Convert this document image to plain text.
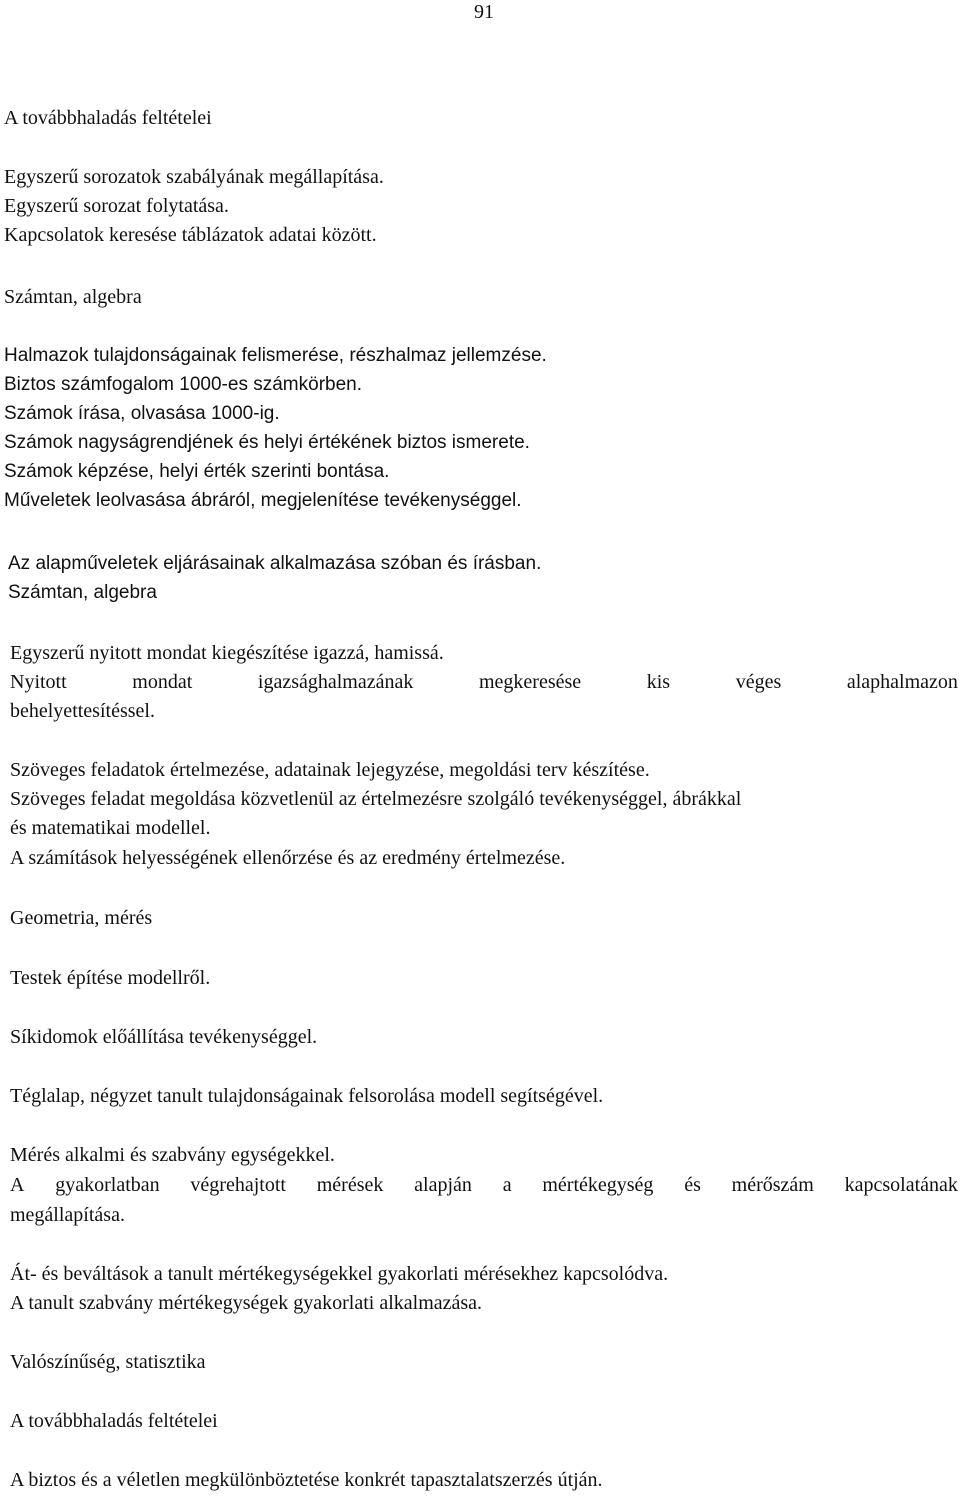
91
A továbbhaladás feltételei
Egyszerű sorozatok szabályának megállapítása.
Egyszerű sorozat folytatása.
Kapcsolatok keresése táblázatok adatai között.
Számtan, algebra
Halmazok tulajdonságainak felismerése, részhalmaz jellemzése.
Biztos számfogalom 1000-es számkörben.
Számok írása, olvasása 1000-ig.
Számok nagyságrendjének és helyi értékének biztos ismerete.
Számok képzése, helyi érték szerinti bontása.
Műveletek leolvasása ábráról, megjelenítése tevékenységgel.
Az alapműveletek eljárásainak alkalmazása szóban és írásban.
Számtan, algebra
Egyszerű nyitott mondat kiegészítése igazzá, hamissá.
Nyitott	mondat	igazsághalmazának	megkeresése	kis	véges	alaphalmazon
behelyettesítéssel.
Szöveges feladatok értelmezése, adatainak lejegyzése, megoldási terv készítése.
Szöveges feladat megoldása közvetlenül az értelmezésre szolgáló tevékenységgel, ábrákkal
és matematikai modellel.
A számítások helyességének ellenőrzése és az eredmény értelmezése.
Geometria, mérés
Testek építése modellről.
Síkidomok előállítása tevékenységgel.
Téglalap, négyzet tanult tulajdonságainak felsorolása modell segítségével.
Mérés alkalmi és szabvány egységekkel.
A gyakorlatban végrehajtott mérések alapján a mértékegység és mérőszám kapcsolatának
megállapítása.
Át- és beváltások a tanult mértékegységekkel gyakorlati mérésekhez kapcsolódva.
A tanult szabvány mértékegységek gyakorlati alkalmazása.
Valószínűség, statisztika
A továbbhaladás feltételei
A biztos és a véletlen megkülönböztetése konkrét tapasztalatszerzés útján.
